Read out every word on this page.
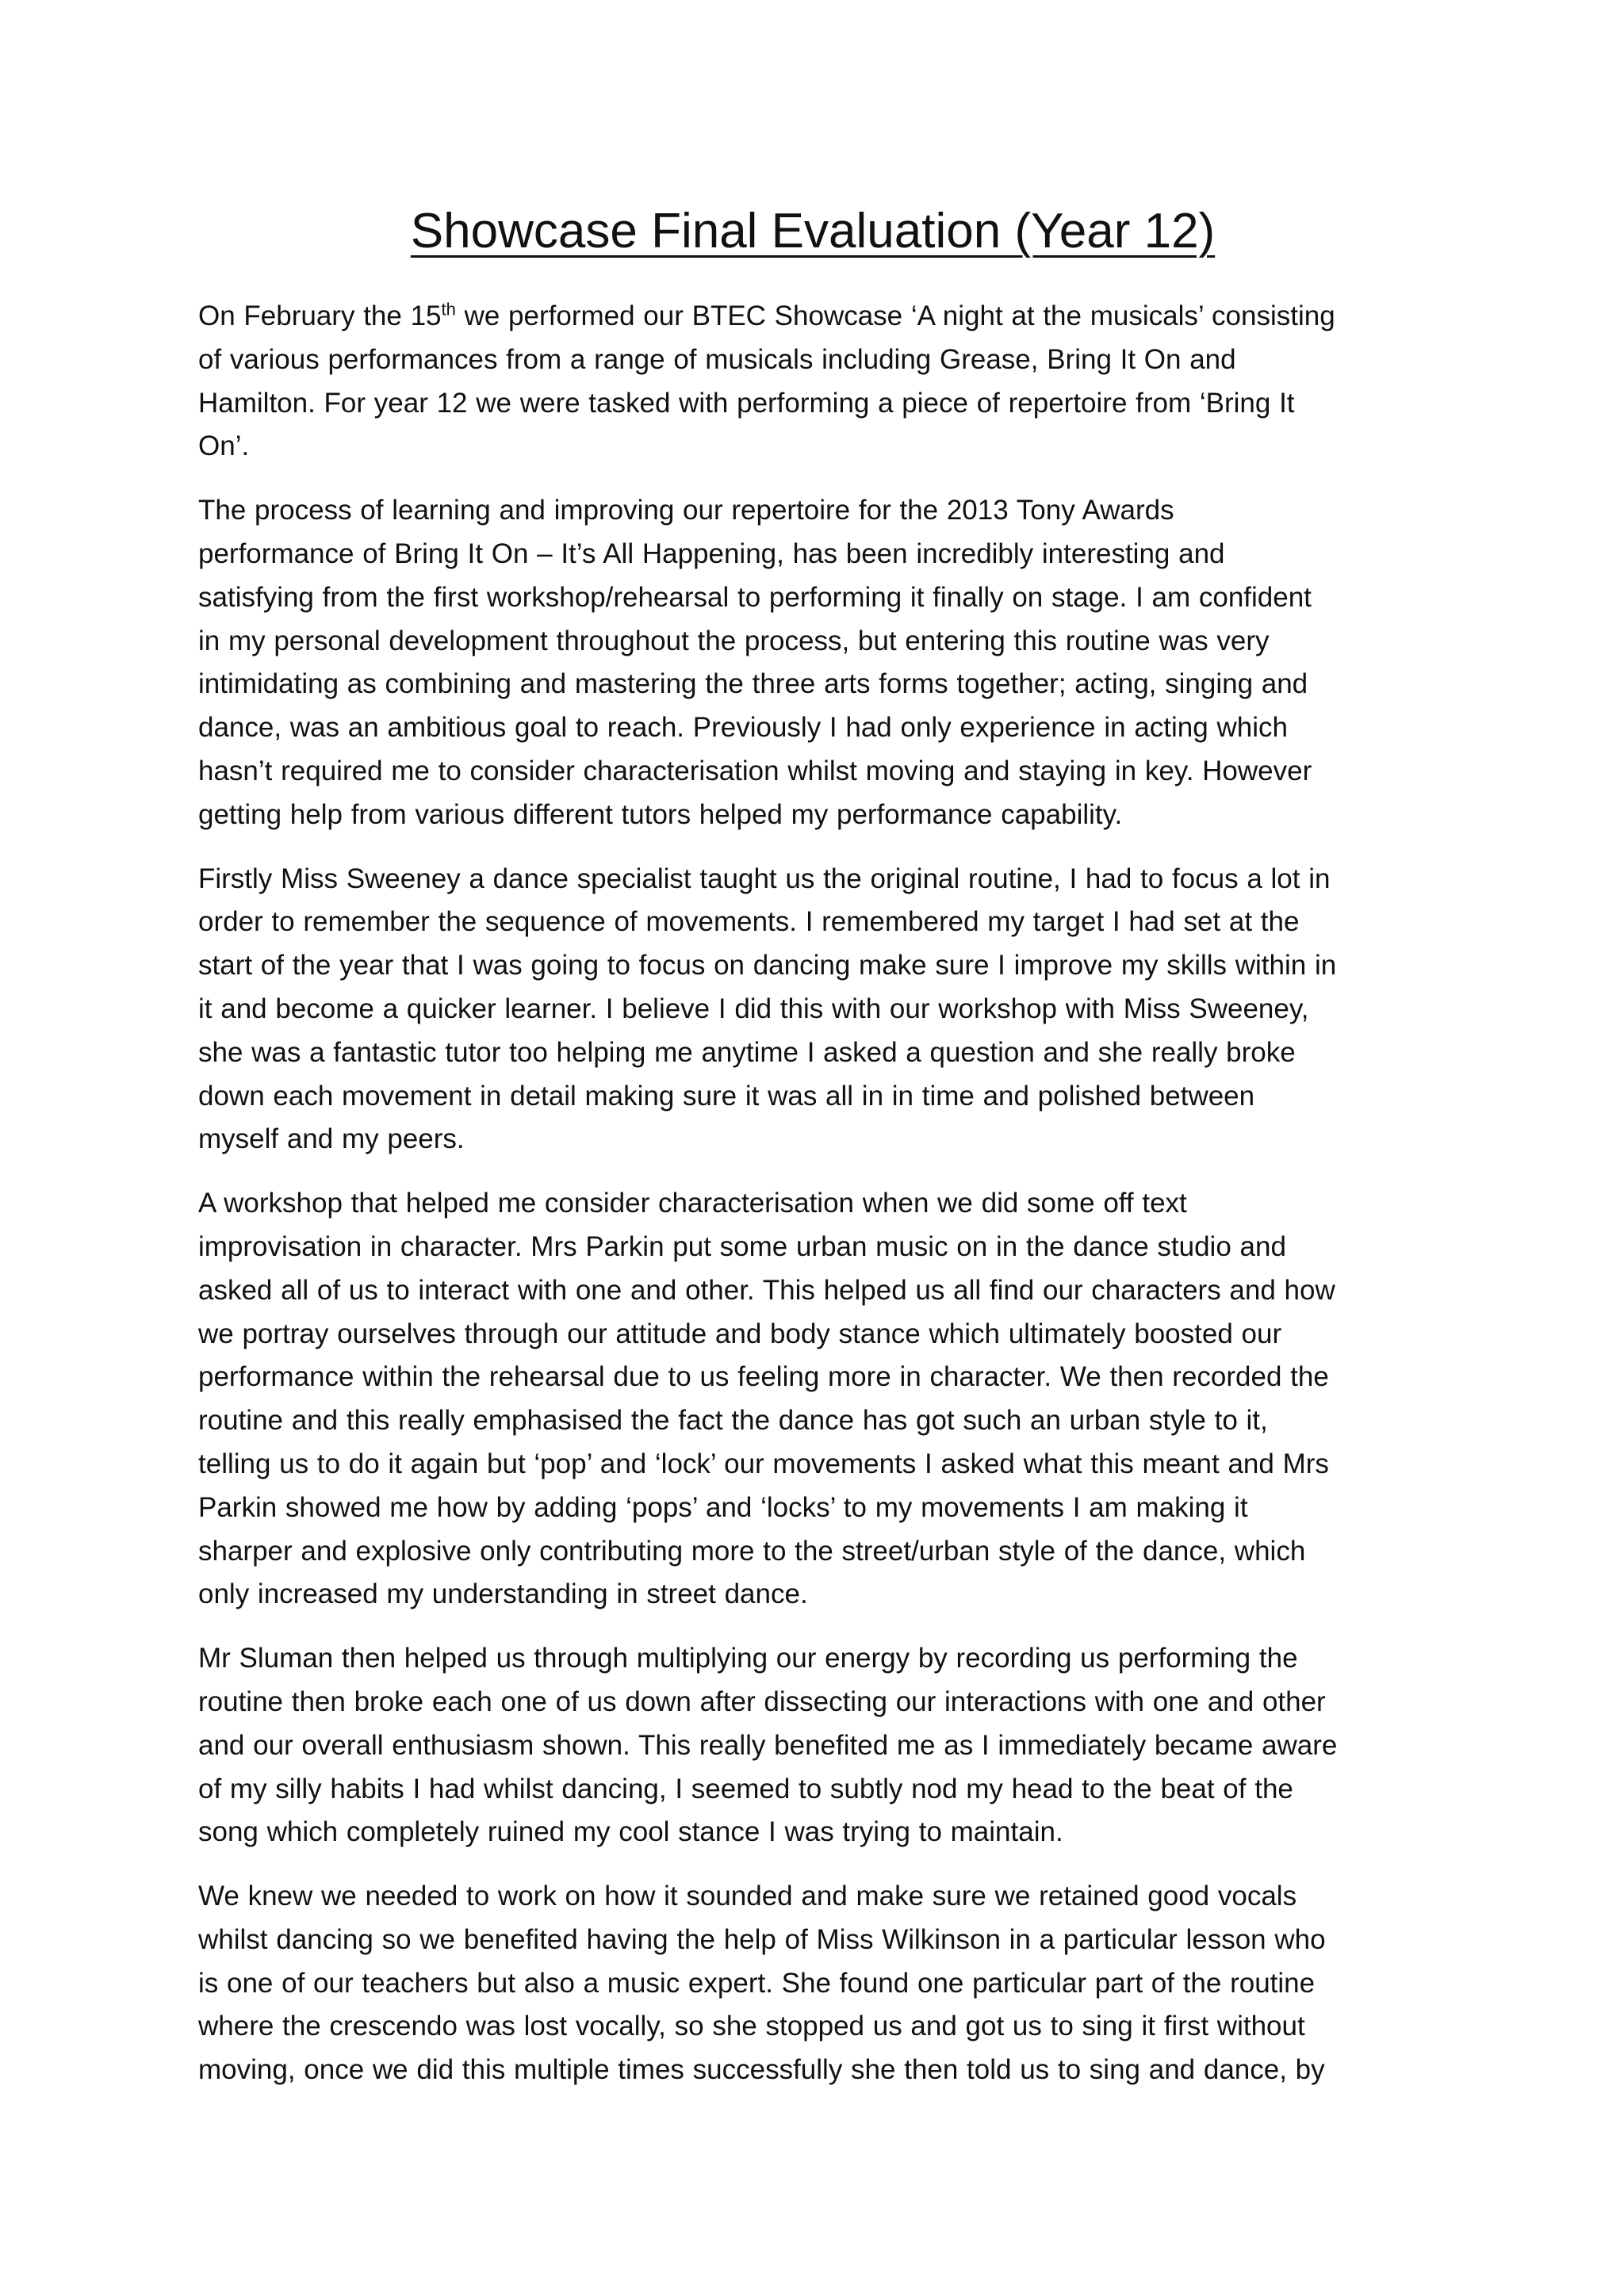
Showcase Final Evaluation (Year 12)

On February the 15th we performed our BTEC Showcase ‘A night at the musicals’ consisting
of various performances from a range of musicals including Grease, Bring It On and
Hamilton. For year 12 we were tasked with performing a piece of repertoire from ‘Bring It
On’.

The process of learning and improving our repertoire for the 2013 Tony Awards
performance of Bring It On – It’s All Happening, has been incredibly interesting and
satisfying from the first workshop/rehearsal to performing it finally on stage. I am confident
in my personal development throughout the process, but entering this routine was very
intimidating as combining and mastering the three arts forms together; acting, singing and
dance, was an ambitious goal to reach. Previously I had only experience in acting which
hasn’t required me to consider characterisation whilst moving and staying in key. However
getting help from various different tutors helped my performance capability.

Firstly Miss Sweeney a dance specialist taught us the original routine, I had to focus a lot in
order to remember the sequence of movements. I remembered my target I had set at the
start of the year that I was going to focus on dancing make sure I improve my skills within in
it and become a quicker learner. I believe I did this with our workshop with Miss Sweeney,
she was a fantastic tutor too helping me anytime I asked a question and she really broke
down each movement in detail making sure it was all in in time and polished between
myself and my peers.

A workshop that helped me consider characterisation when we did some off text
improvisation in character. Mrs Parkin put some urban music on in the dance studio and
asked all of us to interact with one and other. This helped us all find our characters and how
we portray ourselves through our attitude and body stance which ultimately boosted our
performance within the rehearsal due to us feeling more in character. We then recorded the
routine and this really emphasised the fact the dance has got such an urban style to it,
telling us to do it again but ‘pop’ and ‘lock’ our movements I asked what this meant and Mrs
Parkin showed me how by adding ‘pops’ and ‘locks’ to my movements I am making it
sharper and explosive only contributing more to the street/urban style of the dance, which
only increased my understanding in street dance.

Mr Sluman then helped us through multiplying our energy by recording us performing the
routine then broke each one of us down after dissecting our interactions with one and other
and our overall enthusiasm shown. This really benefited me as I immediately became aware
of my silly habits I had whilst dancing, I seemed to subtly nod my head to the beat of the
song which completely ruined my cool stance I was trying to maintain.

We knew we needed to work on how it sounded and make sure we retained good vocals
whilst dancing so we benefited having the help of Miss Wilkinson in a particular lesson who
is one of our teachers but also a music expert. She found one particular part of the routine
where the crescendo was lost vocally, so she stopped us and got us to sing it first without
moving, once we did this multiple times successfully she then told us to sing and dance, by
